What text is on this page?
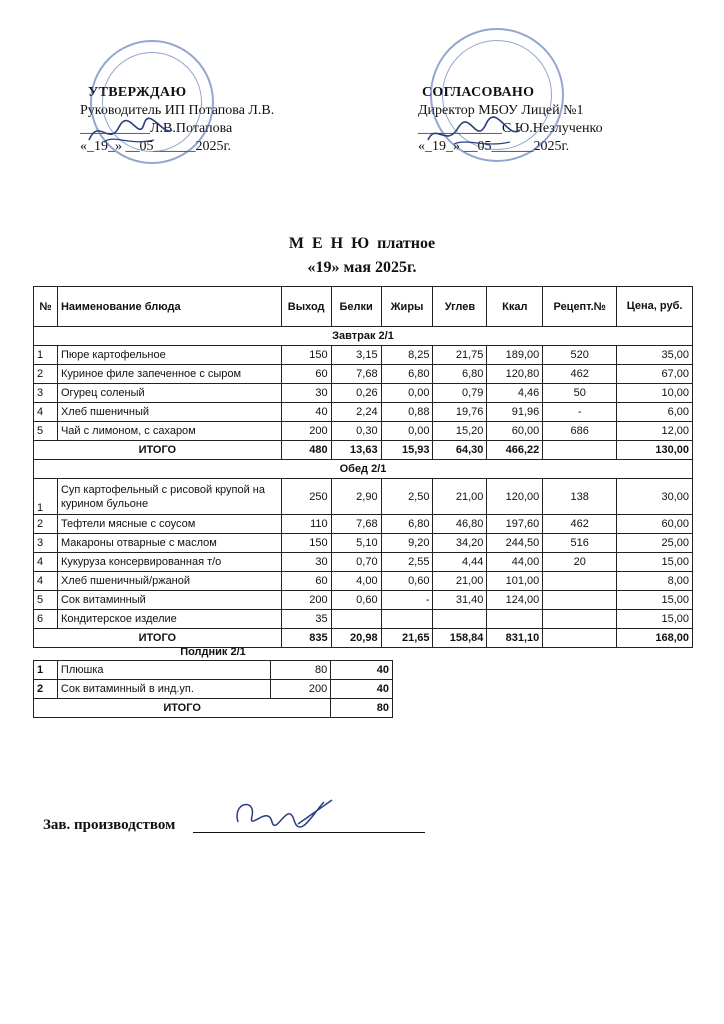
УТВЕРЖДАЮ
Руководитель ИП Потапова Л.В.
__________Л.В.Потапова
«_19_» __05______2025г.
СОГЛАСОВАНО
Директор МБОУ Лицей №1
____________С.Ю.Незлученко
«_19_» __05______2025г.
М Е Н Ю платное
«19» мая 2025г.
№	Наименование блюда	Выход	Белки	Жиры	Углев	Ккал	Рецепт.№	Цена, руб.
Завтрак 2/1								
1	Пюре картофельное	150	3,15	8,25	21,75	189,00	520	35,00
2	Куриное филе запеченное с сыром	60	7,68	6,80	6,80	120,80	462	67,00
3	Огурец соленый	30	0,26	0,00	0,79	4,46	50	10,00
4	Хлеб пшеничный	40	2,24	0,88	19,76	91,96	-	6,00
5	Чай с лимоном, с сахаром	200	0,30	0,00	15,20	60,00	686	12,00
ИТОГО		480	13,63	15,93	64,30	466,22		130,00
Обед 2/1								
1	Суп картофельный с рисовой крупой на курином бульоне	250	2,90	2,50	21,00	120,00	138	30,00
2	Тефтели мясные с соусом	110	7,68	6,80	46,80	197,60	462	60,00
3	Макароны отварные с маслом	150	5,10	9,20	34,20	244,50	516	25,00
4	Кукуруза консервированная т/о	30	0,70	2,55	4,44	44,00	20	15,00
4	Хлеб пшеничный/ржаной	60	4,00	0,60	21,00	101,00		8,00
5	Сок витаминный	200	0,60	-	31,40	124,00		15,00
6	Кондитерское изделие	35						15,00
ИТОГО		835	20,98	21,65	158,84	831,10		168,00
Полдник 2/1
1	Плюшка	80	40
2	Сок витаминный в инд.уп.	200	40
ИТОГО			80
Зав. производством
